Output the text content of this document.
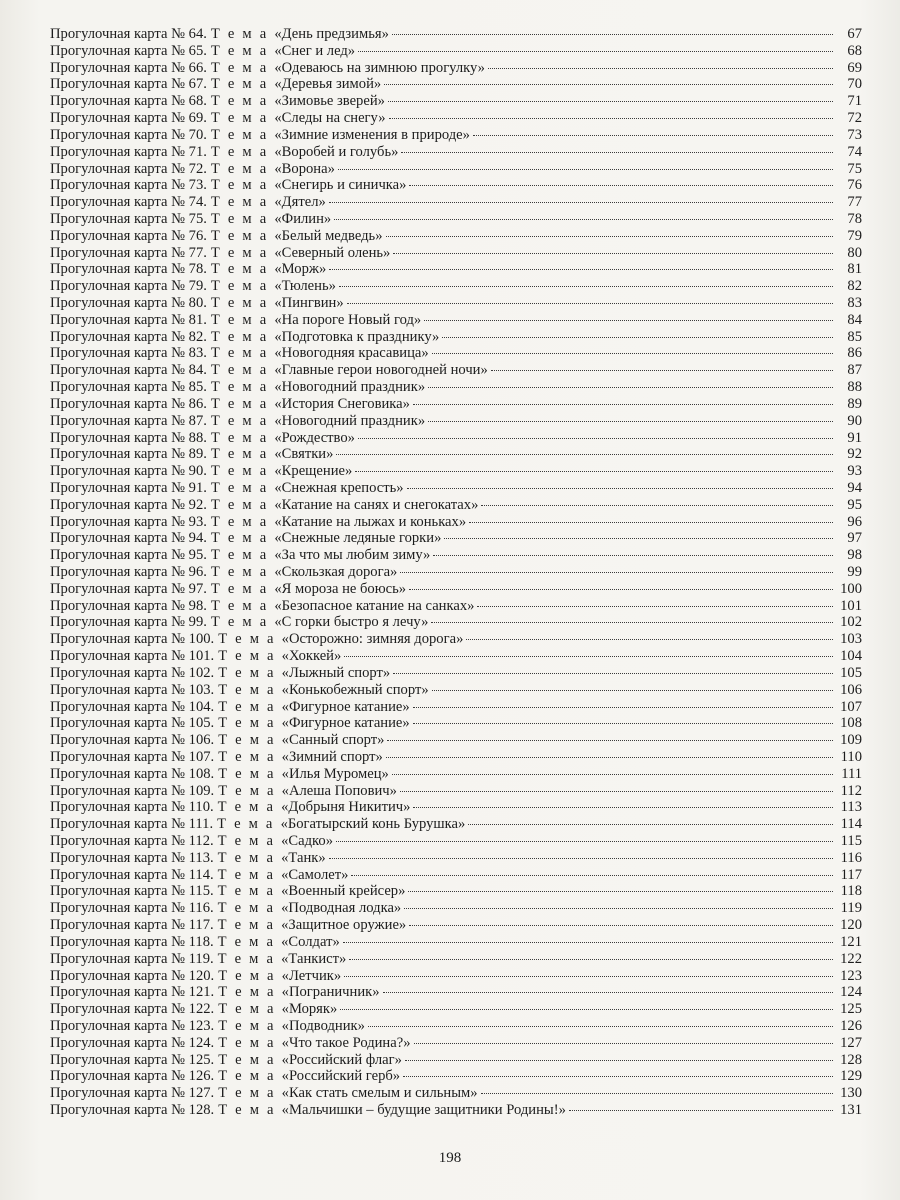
Прогулочная карта № 64. Т е м а «День предзимья»	67
Прогулочная карта № 65. Т е м а «Снег и лед»	68
Прогулочная карта № 66. Т е м а «Одеваюсь на зимнюю прогулку»	69
Прогулочная карта № 67. Т е м а «Деревья зимой»	70
Прогулочная карта № 68. Т е м а «Зимовье зверей»	71
Прогулочная карта № 69. Т е м а «Следы на снегу»	72
Прогулочная карта № 70. Т е м а «Зимние изменения в природе»	73
Прогулочная карта № 71. Т е м а «Воробей и голубь»	74
Прогулочная карта № 72. Т е м а «Ворона»	75
Прогулочная карта № 73. Т е м а «Снегирь и синичка»	76
Прогулочная карта № 74. Т е м а «Дятел»	77
Прогулочная карта № 75. Т е м а «Филин»	78
Прогулочная карта № 76. Т е м а «Белый медведь»	79
Прогулочная карта № 77. Т е м а «Северный олень»	80
Прогулочная карта № 78. Т е м а «Морж»	81
Прогулочная карта № 79. Т е м а «Тюлень»	82
Прогулочная карта № 80. Т е м а «Пингвин»	83
Прогулочная карта № 81. Т е м а «На пороге Новый год»	84
Прогулочная карта № 82. Т е м а «Подготовка к празднику»	85
Прогулочная карта № 83. Т е м а «Новогодняя красавица»	86
Прогулочная карта № 84. Т е м а «Главные герои новогодней ночи»	87
Прогулочная карта № 85. Т е м а «Новогодний праздник»	88
Прогулочная карта № 86. Т е м а «История Снеговика»	89
Прогулочная карта № 87. Т е м а «Новогодний праздник»	90
Прогулочная карта № 88. Т е м а «Рождество»	91
Прогулочная карта № 89. Т е м а «Святки»	92
Прогулочная карта № 90. Т е м а «Крещение»	93
Прогулочная карта № 91. Т е м а «Снежная крепость»	94
Прогулочная карта № 92. Т е м а «Катание на санях и снегокатах»	95
Прогулочная карта № 93. Т е м а «Катание на лыжах и коньках»	96
Прогулочная карта № 94. Т е м а «Снежные ледяные горки»	97
Прогулочная карта № 95. Т е м а «За что мы любим зиму»	98
Прогулочная карта № 96. Т е м а «Скользкая дорога»	99
Прогулочная карта № 97. Т е м а «Я мороза не боюсь»	100
Прогулочная карта № 98. Т е м а «Безопасное катание на санках»	101
Прогулочная карта № 99. Т е м а «С горки быстро я лечу»	102
Прогулочная карта № 100. Т е м а «Осторожно: зимняя дорога»	103
Прогулочная карта № 101. Т е м а «Хоккей»	104
Прогулочная карта № 102. Т е м а «Лыжный спорт»	105
Прогулочная карта № 103. Т е м а «Конькобежный спорт»	106
Прогулочная карта № 104. Т е м а «Фигурное катание»	107
Прогулочная карта № 105. Т е м а «Фигурное катание»	108
Прогулочная карта № 106. Т е м а «Санный спорт»	109
Прогулочная карта № 107. Т е м а «Зимний спорт»	110
Прогулочная карта № 108. Т е м а «Илья Муромец»	111
Прогулочная карта № 109. Т е м а «Алеша Попович»	112
Прогулочная карта № 110. Т е м а «Добрыня Никитич»	113
Прогулочная карта № 111. Т е м а «Богатырский конь Бурушка»	114
Прогулочная карта № 112. Т е м а «Садко»	115
Прогулочная карта № 113. Т е м а «Танк»	116
Прогулочная карта № 114. Т е м а «Самолет»	117
Прогулочная карта № 115. Т е м а «Военный крейсер»	118
Прогулочная карта № 116. Т е м а «Подводная лодка»	119
Прогулочная карта № 117. Т е м а «Защитное оружие»	120
Прогулочная карта № 118. Т е м а «Солдат»	121
Прогулочная карта № 119. Т е м а «Танкист»	122
Прогулочная карта № 120. Т е м а «Летчик»	123
Прогулочная карта № 121. Т е м а «Пограничник»	124
Прогулочная карта № 122. Т е м а «Моряк»	125
Прогулочная карта № 123. Т е м а «Подводник»	126
Прогулочная карта № 124. Т е м а «Что такое Родина?»	127
Прогулочная карта № 125. Т е м а «Российский флаг»	128
Прогулочная карта № 126. Т е м а «Российский герб»	129
Прогулочная карта № 127. Т е м а «Как стать смелым и сильным»	130
Прогулочная карта № 128. Т е м а «Мальчишки – будущие защитники Родины!»	131
198
